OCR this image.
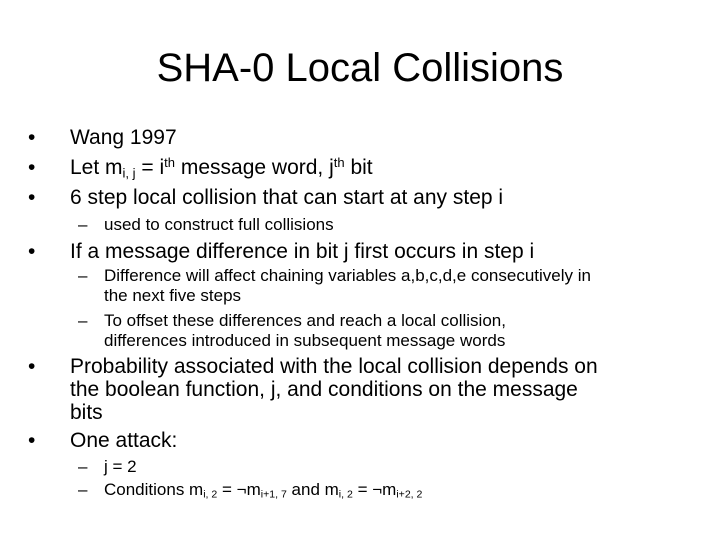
SHA-0 Local Collisions
• Wang 1997
• Let $m_{i, j} = i^{th}$ message word, $j^{th}$ bit
• 6 step local collision that can start at any step i
– used to construct full collisions
• If a message difference in bit j first occurs in step i
– Difference will affect chaining variables a,b,c,d,e consecutively in
the next five steps
– To offset these differences and reach a local collision,
differences introduced in subsequent message words
• Probability associated with the local collision depends on
the boolean function, j, and conditions on the message
bits
• One attack:
– j = 2
– Conditions $m_{i, 2}$ = $\neg m_{i+1, 7}$ and $m_{i, 2}$ = $\neg m_{i+2, 2}$
